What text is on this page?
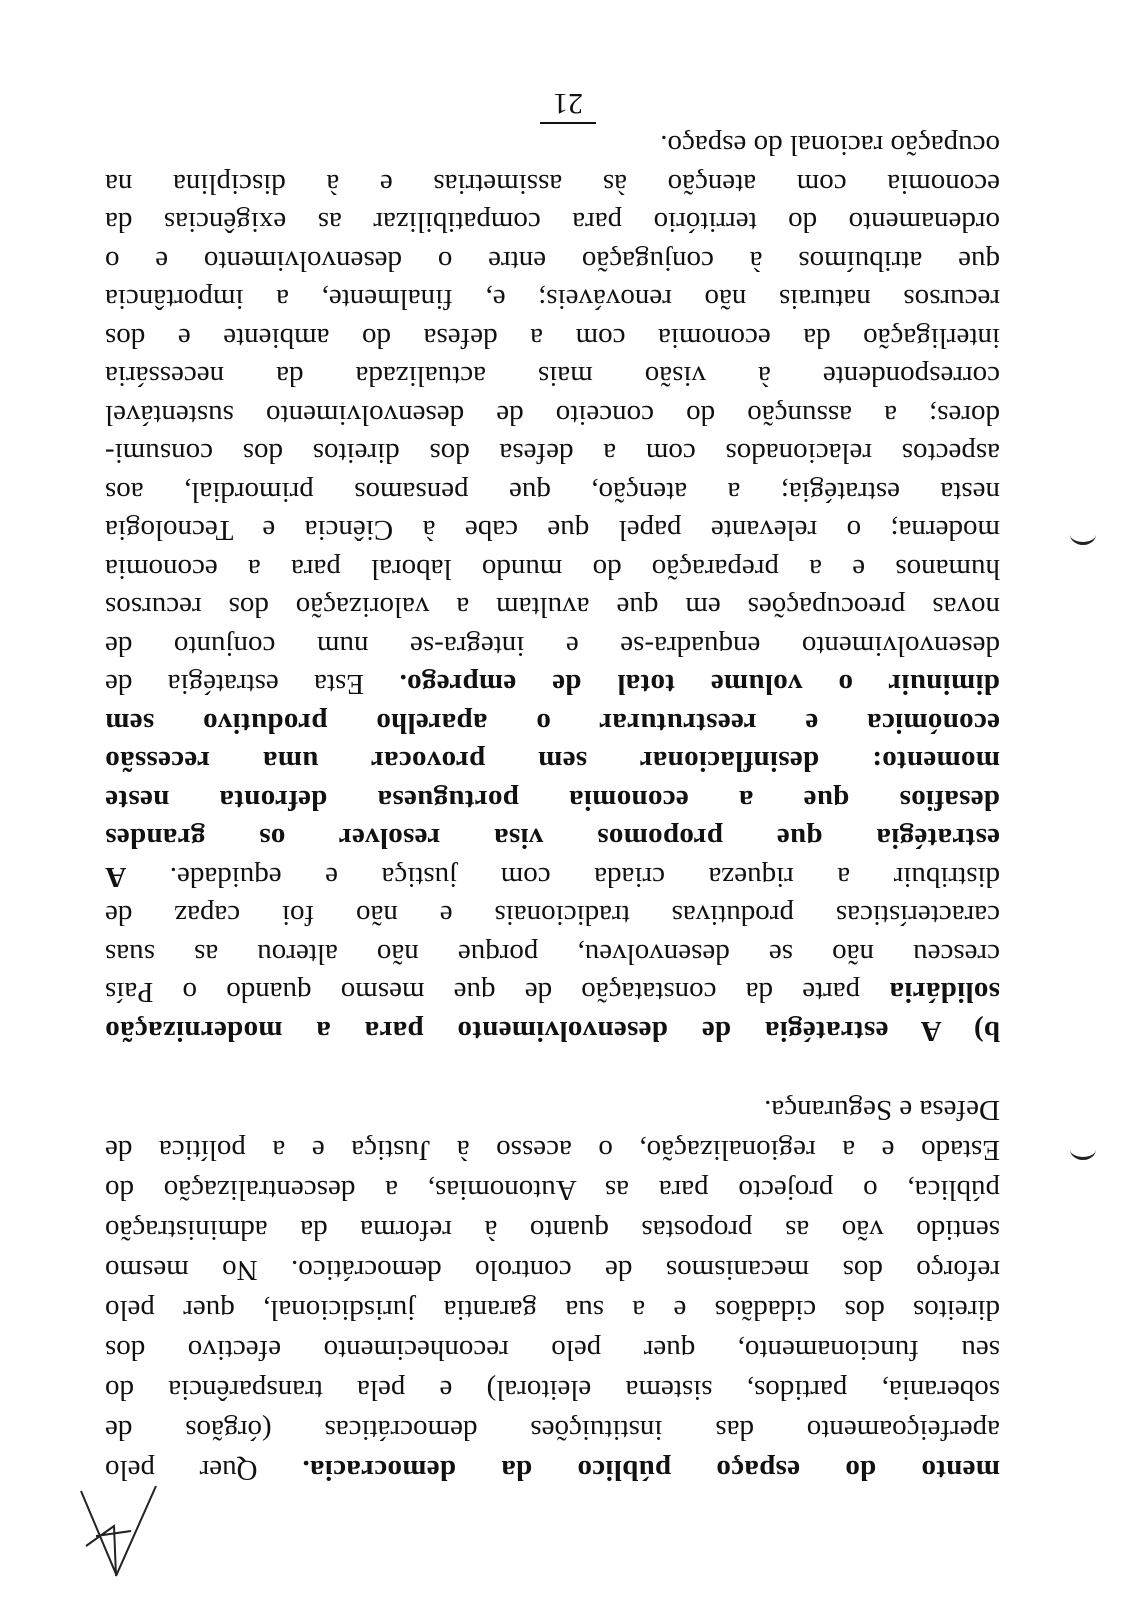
mento do espaço público da democracia. Quer pelo
aperfeiçoamento das instituições democráticas (órgãos de
soberania, partidos, sistema eleitoral) e pela transparência do
seu funcionamento, quer pelo reconhecimento efectivo dos
direitos dos cidadãos e a sua garantia jurisdicional, quer pelo
reforço dos mecanismos de controlo democrático. No mesmo
sentido vão as propostas quanto à reforma da administração
pública, o projecto para as Autonomias, a descentralização do
Estado e a regionalização, o acesso à Justiça e a política de
Defesa e Segurança.
b) A estratégia de desenvolvimento para a modernização
solidária parte da constatação de que mesmo quando o País
cresceu não se desenvolveu, porque não alterou as suas
características produtivas tradicionais e não foi capaz de
distribuir a riqueza criada com justiça e equidade. A
estratégia que propomos visa resolver os grandes
desafios que a economia portuguesa defronta neste
momento: desinflacionar sem provocar uma recessão
económica e reestruturar o aparelho produtivo sem
diminuir o volume total de emprego. Esta estratégia de
desenvolvimento enquadra-se e integra-se num conjunto de
novas preocupações em que avultam a valorização dos recursos
humanos e a preparação do mundo laboral para a economia
moderna; o relevante papel que cabe à Ciência e Tecnologia
nesta estratégia; a atenção, que pensamos primordial, aos
aspectos relacionados com a defesa dos direitos dos consumi-
dores; a assunção do conceito de desenvolvimento sustentável
correspondente à visão mais actualizada da necessária
interligação da economia com a defesa do ambiente e dos
recursos naturais não renováveis; e, finalmente, a importância
que atribuímos à conjugação entre o desenvolvimento e o
ordenamento do território para compatibilizar as exigências da
economia com atenção às assimetrias e à disciplina na
ocupação racional do espaço.
21
